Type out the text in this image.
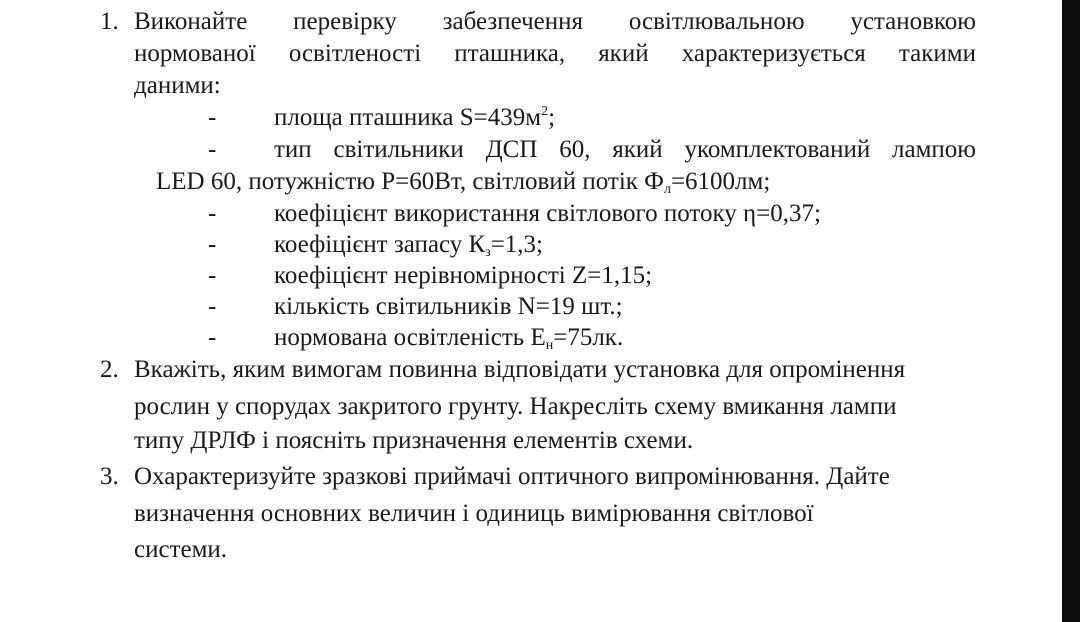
1. Виконайте перевірку забезпечення освітлювальною установкою
нормованої освітленості пташника, який характеризується такими
даними:
- площа пташника $S=439м^2$;
- тип світильники ДСП 60, який укомплектований лампою
LED 60, потужністю P=60Вт, світловий потік $Ф_л=6100лм$;
- коефіцієнт використання світлового потоку η=0,37;
- коефіцієнт запасу $К_з=1,3$;
- коефіцієнт нерівномірності Z=1,15;
- кількість світильників N=19 шт.;
- нормована освітленість $Е_н=75лк$.
2. Вкажіть, яким вимогам повинна відповідати установка для опромінення
рослин у спорудах закритого грунту. Накресліть схему вмикання лампи
типу ДРЛФ і поясніть призначення елементів схеми.
3. Охарактеризуйте зразкові приймачі оптичного випромінювання. Дайте
визначення основних величин і одиниць вимірювання світлової
системи.
